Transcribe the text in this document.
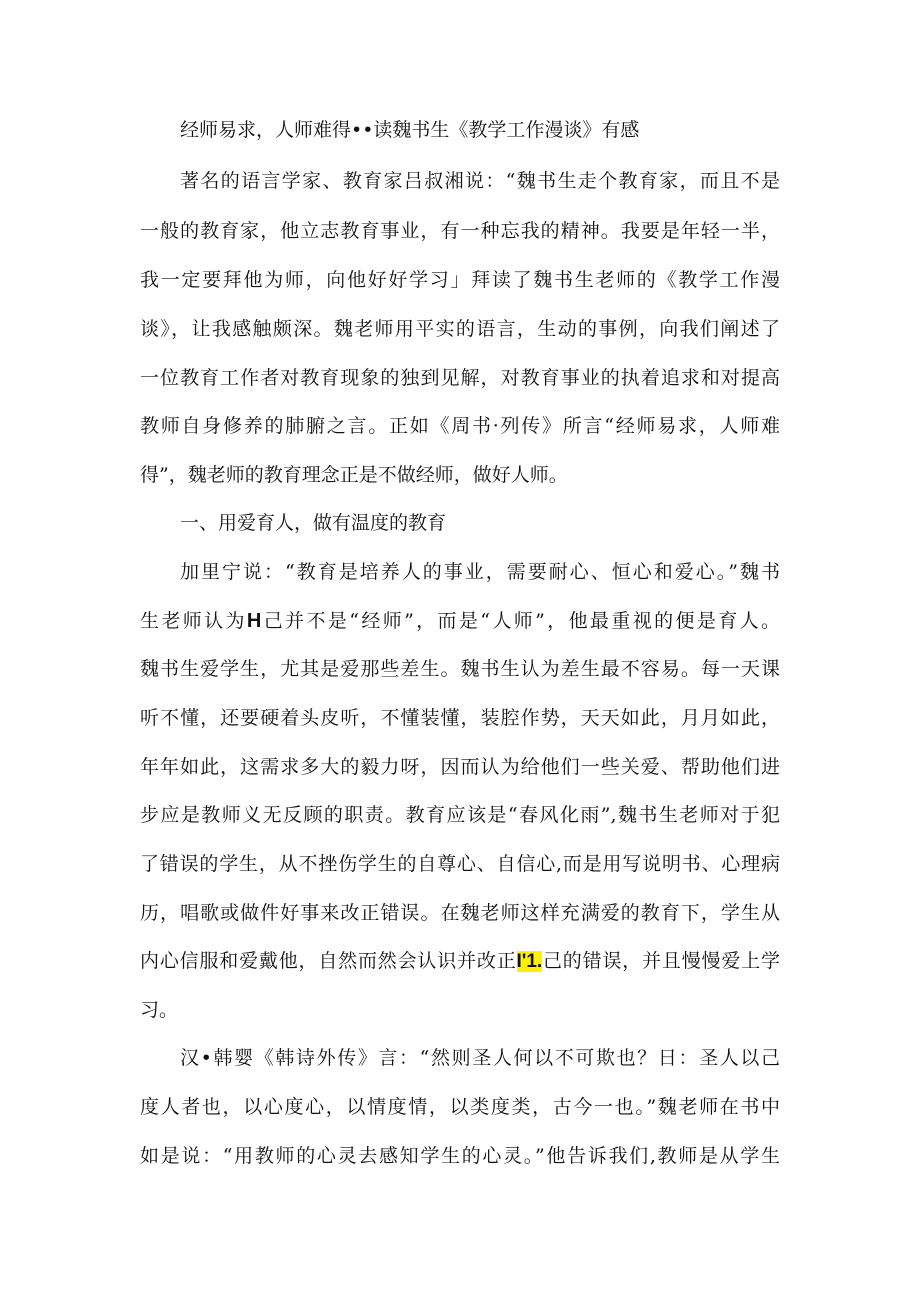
经师易求，人师难得••读魏书生《教学工作漫谈》有感
著名的语言学家、教育家吕叔湘说：“魏书生走个教育家，而且不是
一般的教育家，他立志教育事业，有一种忘我的精神。我要是年轻一半，
我一定要拜他为师，向他好好学习」拜读了魏书生老师的《教学工作漫
谈》，让我感触颇深。魏老师用平实的语言，生动的事例，向我们阐述了
一位教育工作者对教育现象的独到见解，对教育事业的执着追求和对提高
教师自身修养的肺腑之言。正如《周书·列传》所言“经师易求，人师难
得”，魏老师的教育理念正是不做经师，做好人师。
一、用爱育人，做有温度的教育
加里宁说：“教育是培养人的事业，需要耐心、恒心和爱心。”魏书
生老师认为H己并不是“经师”，而是“人师”，他最重视的便是育人。
魏书生爱学生，尤其是爱那些差生。魏书生认为差生最不容易。每一天课
听不懂，还要硬着头皮听，不懂装懂，装腔作势，天天如此，月月如此，
年年如此，这需求多大的毅力呀，因而认为给他们一些关爱、帮助他们进
步应是教师义无反顾的职责。教育应该是“春风化雨”,魏书生老师对于犯
了错误的学生，从不挫伤学生的自尊心、自信心,而是用写说明书、心理病
历，唱歌或做件好事来改正错误。在魏老师这样充满爱的教育下，学生从
内心信服和爱戴他，自然而然会认识并改正I'1.己的错误，并且慢慢爱上学
习。
汉•韩婴《韩诗外传》言：“然则圣人何以不可欺也？日：圣人以己
度人者也，以心度心，以情度情，以类度类，古今一也。”魏老师在书中
如是说：“用教师的心灵去感知学生的心灵。”他告诉我们,教师是从学生
